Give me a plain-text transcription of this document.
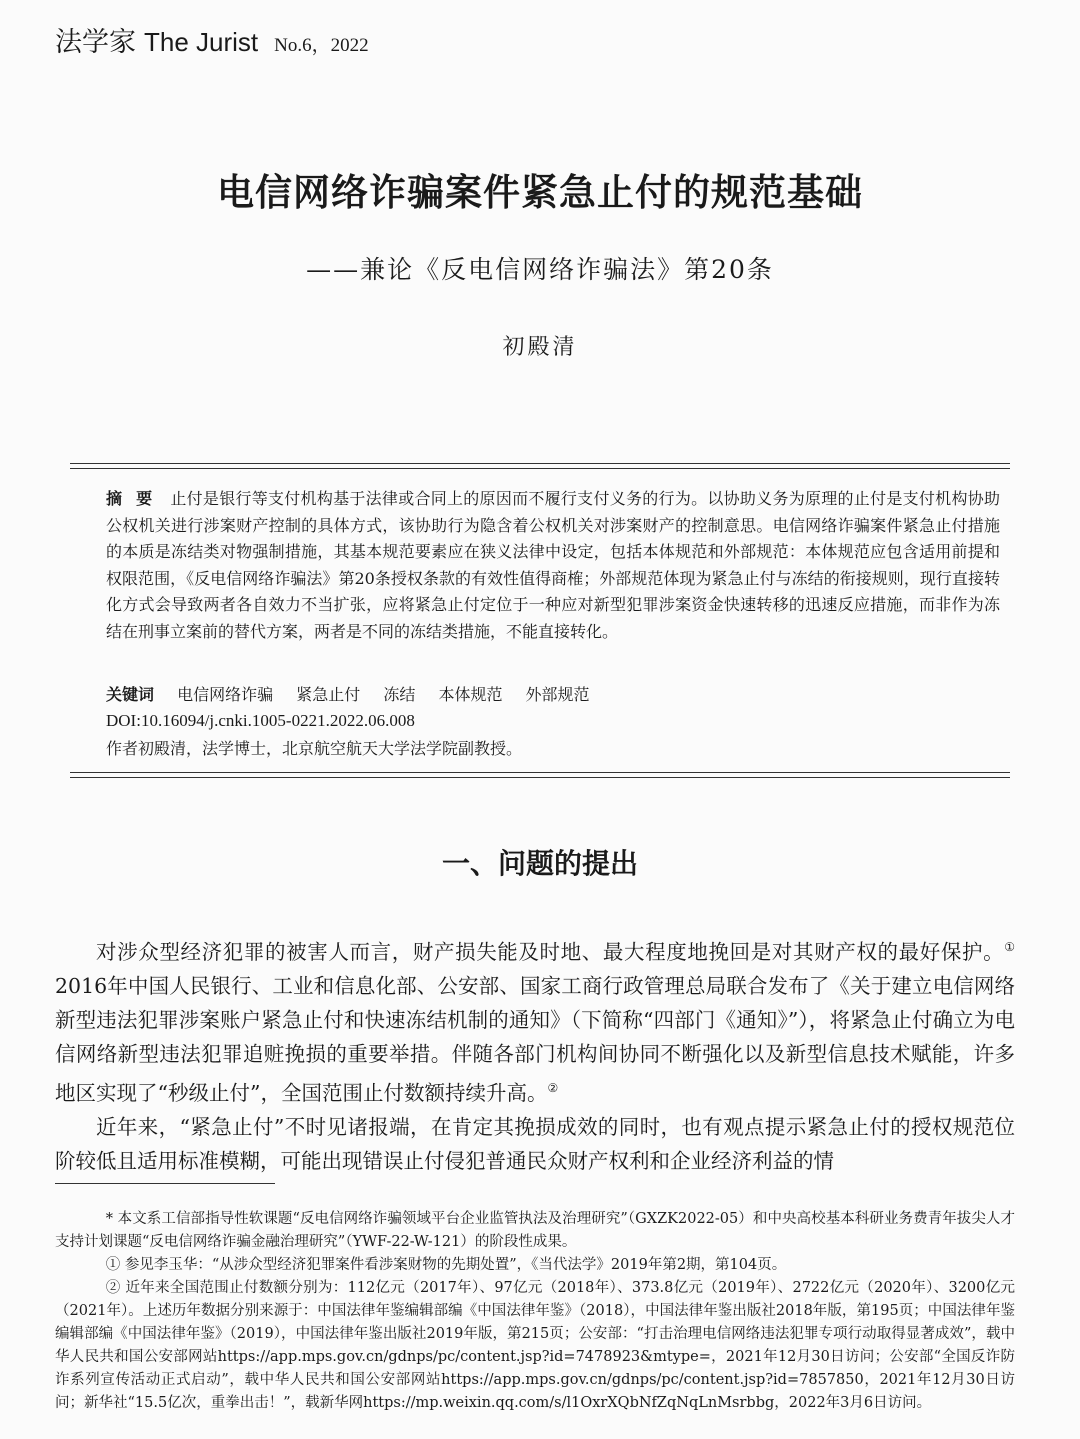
法学家 The Jurist No.6，2022
电信网络诈骗案件紧急止付的规范基础
——兼论《反电信网络诈骗法》第20条
初殿清
摘 要 止付是银行等支付机构基于法律或合同上的原因而不履行支付义务的行为。以协助义务为原理的止付是支付机构协助公权机关进行涉案财产控制的具体方式，该协助行为隐含着公权机关对涉案财产的控制意思。电信网络诈骗案件紧急止付措施的本质是冻结类对物强制措施，其基本规范要素应在狭义法律中设定，包括本体规范和外部规范：本体规范应包含适用前提和权限范围，《反电信网络诈骗法》第20条授权条款的有效性值得商榷；外部规范体现为紧急止付与冻结的衔接规则，现行直接转化方式会导致两者各自效力不当扩张，应将紧急止付定位于一种应对新型犯罪涉案资金快速转移的迅速反应措施，而非作为冻结在刑事立案前的替代方案，两者是不同的冻结类措施，不能直接转化。
关键词 电信网络诈骗 紧急止付 冻结 本体规范 外部规范
DOI:10.16094/j.cnki.1005-0221.2022.06.008
作者初殿清，法学博士，北京航空航天大学法学院副教授。
一、问题的提出

对涉众型经济犯罪的被害人而言，财产损失能及时地、最大程度地挽回是对其财产权的最好保护。① 2016年中国人民银行、工业和信息化部、公安部、国家工商行政管理总局联合发布了《关于建立电信网络新型违法犯罪涉案账户紧急止付和快速冻结机制的通知》（下简称“四部门《通知》”），将紧急止付确立为电信网络新型违法犯罪追赃挽损的重要举措。伴随各部门机构间协同不断强化以及新型信息技术赋能，许多地区实现了“秒级止付”，全国范围止付数额持续升高。②

近年来，“紧急止付”不时见诸报端，在肯定其挽损成效的同时，也有观点提示紧急止付的授权规范位阶较低且适用标准模糊，可能出现错误止付侵犯普通民众财产权利和企业经济利益的情

* 本文系工信部指导性软课题“反电信网络诈骗领域平台企业监管执法及治理研究”（GXZK2022-05）和中央高校基本科研业务费青年拔尖人才支持计划课题“反电信网络诈骗金融治理研究”（YWF-22-W-121）的阶段性成果。

① 参见李玉华：“从涉众型经济犯罪案件看涉案财物的先期处置”，《当代法学》2019年第2期，第104页。

② 近年来全国范围止付数额分别为：112亿元（2017年）、97亿元（2018年）、373.8亿元（2019年）、2722亿元（2020年）、3200亿元（2021年）。上述历年数据分别来源于：中国法律年鉴编辑部编《中国法律年鉴》（2018），中国法律年鉴出版社2018年版，第195页；中国法律年鉴编辑部编《中国法律年鉴》（2019），中国法律年鉴出版社2019年版，第215页；公安部：“打击治理电信网络违法犯罪专项行动取得显著成效”，载中华人民共和国公安部网站https://app.mps.gov.cn/gdnps/pc/content.jsp?id=7478923&mtype=，2021年12月30日访问；公安部“全国反诈防诈系列宣传活动正式启动”，载中华人民共和国公安部网站https://app.mps.gov.cn/gdnps/pc/content.jsp?id=7857850，2021年12月30日访问；新华社“15.5亿次，重拳出击！”，载新华网https://mp.weixin.qq.com/s/l1OxrXQbNfZqNqLnMsrbbg，2022年3月6日访问。
